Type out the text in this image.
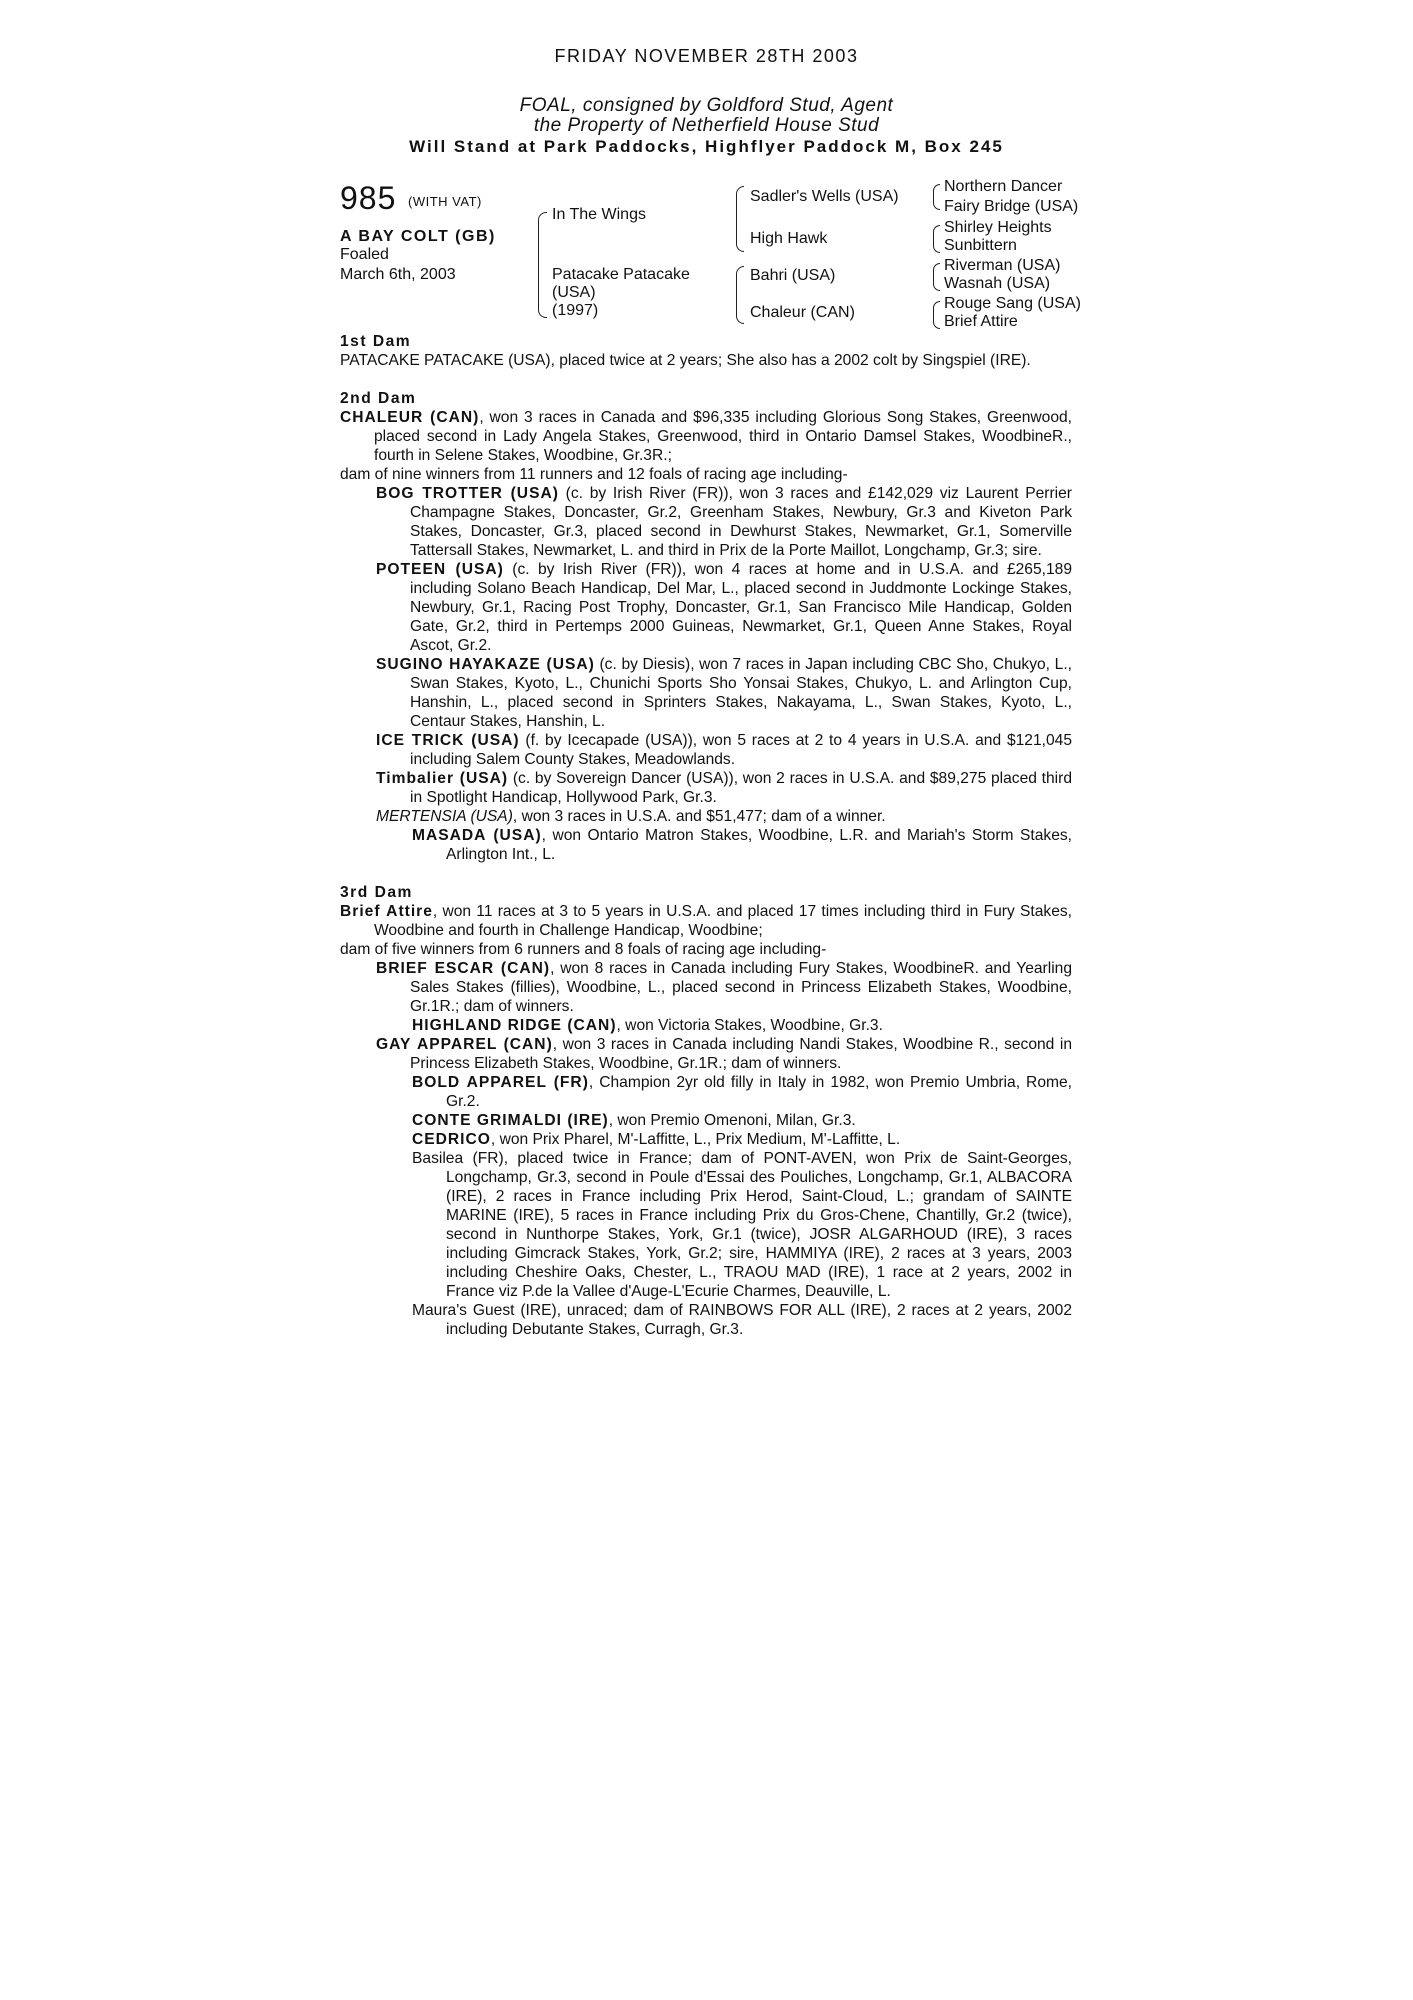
FRIDAY NOVEMBER 28TH 2003
FOAL, consigned by Goldford Stud, Agent
the Property of Netherfield House Stud
Will Stand at Park Paddocks, Highflyer Paddock M, Box 245
985 (WITH VAT)
A BAY COLT (GB)
Foaled
March 6th, 2003
In The Wings
Patacake Patacake
(USA)
(1997)
Sadler's Wells (USA)
High Hawk
Bahri (USA)
Chaleur (CAN)
Northern Dancer
Fairy Bridge (USA)
Shirley Heights
Sunbittern
Riverman (USA)
Wasnah (USA)
Rouge Sang (USA)
Brief Attire
1st Dam
PATACAKE PATACAKE (USA), placed twice at 2 years; She also has a 2002 colt by Singspiel (IRE).
2nd Dam
CHALEUR (CAN), won 3 races in Canada and $96,335 including Glorious Song Stakes, Greenwood, placed second in Lady Angela Stakes, Greenwood, third in Ontario Damsel Stakes, WoodbineR., fourth in Selene Stakes, Woodbine, Gr.3R.;
dam of nine winners from 11 runners and 12 foals of racing age including-
BOG TROTTER (USA) (c. by Irish River (FR)), won 3 races and £142,029 viz Laurent Perrier Champagne Stakes, Doncaster, Gr.2, Greenham Stakes, Newbury, Gr.3 and Kiveton Park Stakes, Doncaster, Gr.3, placed second in Dewhurst Stakes, Newmarket, Gr.1, Somerville Tattersall Stakes, Newmarket, L. and third in Prix de la Porte Maillot, Longchamp, Gr.3; sire.
POTEEN (USA) (c. by Irish River (FR)), won 4 races at home and in U.S.A. and £265,189 including Solano Beach Handicap, Del Mar, L., placed second in Juddmonte Lockinge Stakes, Newbury, Gr.1, Racing Post Trophy, Doncaster, Gr.1, San Francisco Mile Handicap, Golden Gate, Gr.2, third in Pertemps 2000 Guineas, Newmarket, Gr.1, Queen Anne Stakes, Royal Ascot, Gr.2.
SUGINO HAYAKAZE (USA) (c. by Diesis), won 7 races in Japan including CBC Sho, Chukyo, L., Swan Stakes, Kyoto, L., Chunichi Sports Sho Yonsai Stakes, Chukyo, L. and Arlington Cup, Hanshin, L., placed second in Sprinters Stakes, Nakayama, L., Swan Stakes, Kyoto, L., Centaur Stakes, Hanshin, L.
ICE TRICK (USA) (f. by Icecapade (USA)), won 5 races at 2 to 4 years in U.S.A. and $121,045 including Salem County Stakes, Meadowlands.
Timbalier (USA) (c. by Sovereign Dancer (USA)), won 2 races in U.S.A. and $89,275 placed third in Spotlight Handicap, Hollywood Park, Gr.3.
MERTENSIA (USA), won 3 races in U.S.A. and $51,477; dam of a winner.
MASADA (USA), won Ontario Matron Stakes, Woodbine, L.R. and Mariah's Storm Stakes, Arlington Int., L.
3rd Dam
Brief Attire, won 11 races at 3 to 5 years in U.S.A. and placed 17 times including third in Fury Stakes, Woodbine and fourth in Challenge Handicap, Woodbine;
dam of five winners from 6 runners and 8 foals of racing age including-
BRIEF ESCAR (CAN), won 8 races in Canada including Fury Stakes, WoodbineR. and Yearling Sales Stakes (fillies), Woodbine, L., placed second in Princess Elizabeth Stakes, Woodbine, Gr.1R.; dam of winners.
HIGHLAND RIDGE (CAN), won Victoria Stakes, Woodbine, Gr.3.
GAY APPAREL (CAN), won 3 races in Canada including Nandi Stakes, Woodbine R., second in Princess Elizabeth Stakes, Woodbine, Gr.1R.; dam of winners.
BOLD APPAREL (FR), Champion 2yr old filly in Italy in 1982, won Premio Umbria, Rome, Gr.2.
CONTE GRIMALDI (IRE), won Premio Omenoni, Milan, Gr.3.
CEDRICO, won Prix Pharel, M'-Laffitte, L., Prix Medium, M'-Laffitte, L.
Basilea (FR), placed twice in France; dam of PONT-AVEN, won Prix de Saint-Georges, Longchamp, Gr.3, second in Poule d'Essai des Pouliches, Longchamp, Gr.1, ALBACORA (IRE), 2 races in France including Prix Herod, Saint-Cloud, L.; grandam of SAINTE MARINE (IRE), 5 races in France including Prix du Gros-Chene, Chantilly, Gr.2 (twice), second in Nunthorpe Stakes, York, Gr.1 (twice), JOSR ALGARHOUD (IRE), 3 races including Gimcrack Stakes, York, Gr.2; sire, HAMMIYA (IRE), 2 races at 3 years, 2003 including Cheshire Oaks, Chester, L., TRAOU MAD (IRE), 1 race at 2 years, 2002 in France viz P.de la Vallee d'Auge-L'Ecurie Charmes, Deauville, L.
Maura's Guest (IRE), unraced; dam of RAINBOWS FOR ALL (IRE), 2 races at 2 years, 2002 including Debutante Stakes, Curragh, Gr.3.
